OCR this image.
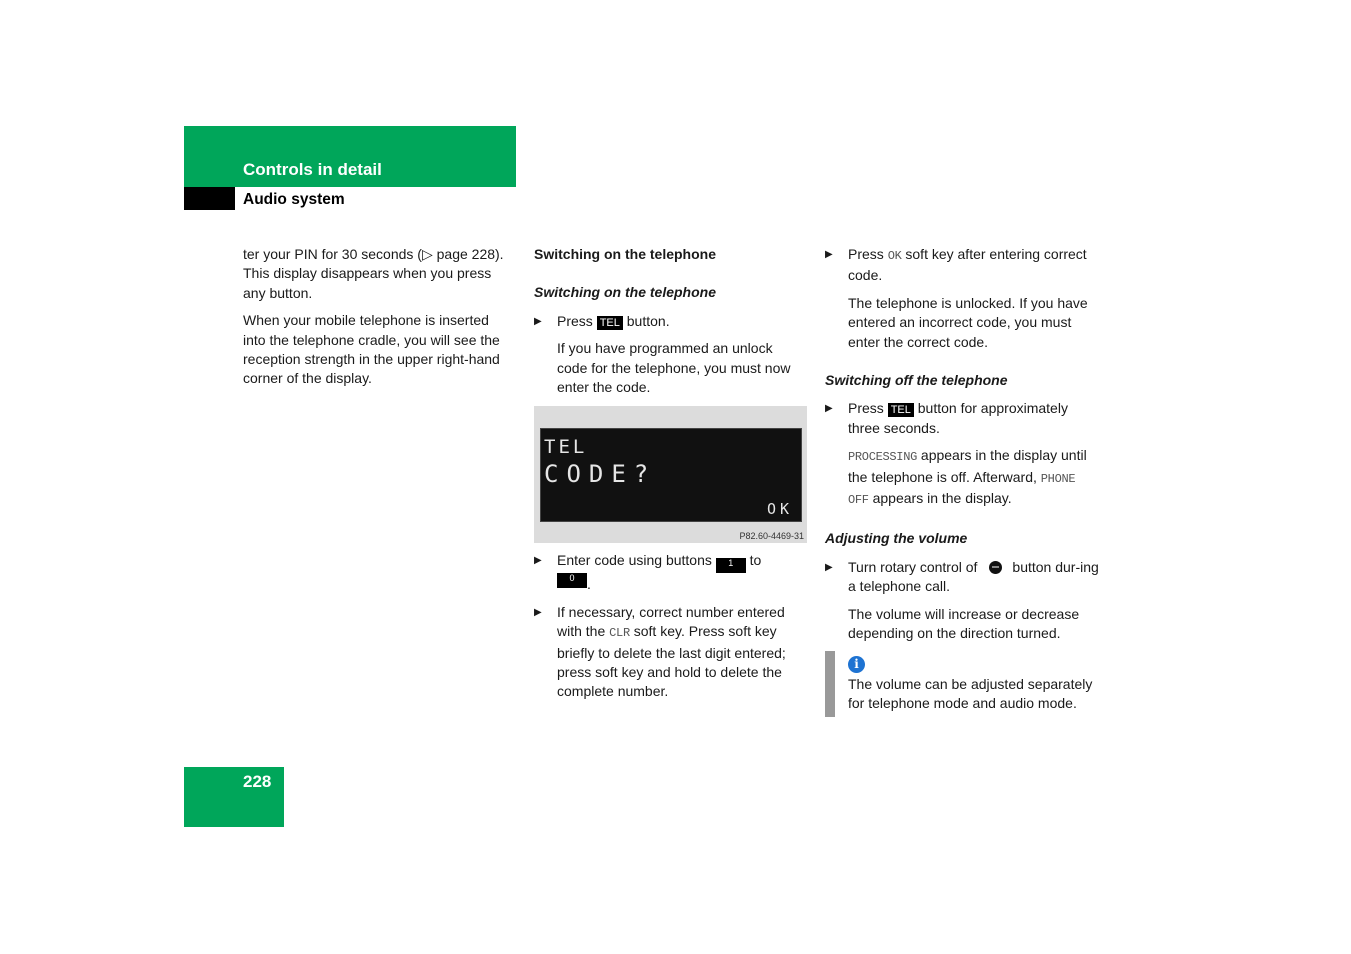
Controls in detail
Audio system

ter your PIN for 30 seconds (▷ page 228). This display disappears when you press any button.

When your mobile telephone is inserted into the telephone cradle, you will see the reception strength in the upper right-hand corner of the display.

Switching on the telephone
Switching on the telephone
▶ Press TEL button.

If you have programmed an unlock code for the telephone, you must now enter the code.

TEL
CODE?
OK
P82.60-4469-31
▶ Enter code using buttons 1 to
0
␣ .
▶ If necessary, correct number entered with the CLR soft key. Press soft key briefly to delete the last digit entered; press soft key and hold to delete the complete number.
▶ Press OK soft key after entering correct code.

The telephone is unlocked. If you have entered an incorrect code, you must enter the correct code.

Switching off the telephone
▶ Press TEL button for approximately three seconds.

PROCESSING appears in the display until the telephone is off. Afterward, PHONE OFF appears in the display.

Adjusting the volume
▶ Turn rotary control of	button dur-ing a telephone call.

The volume will increase or decrease depending on the direction turned.

i
The volume can be adjusted separately for telephone mode and audio mode.
228
